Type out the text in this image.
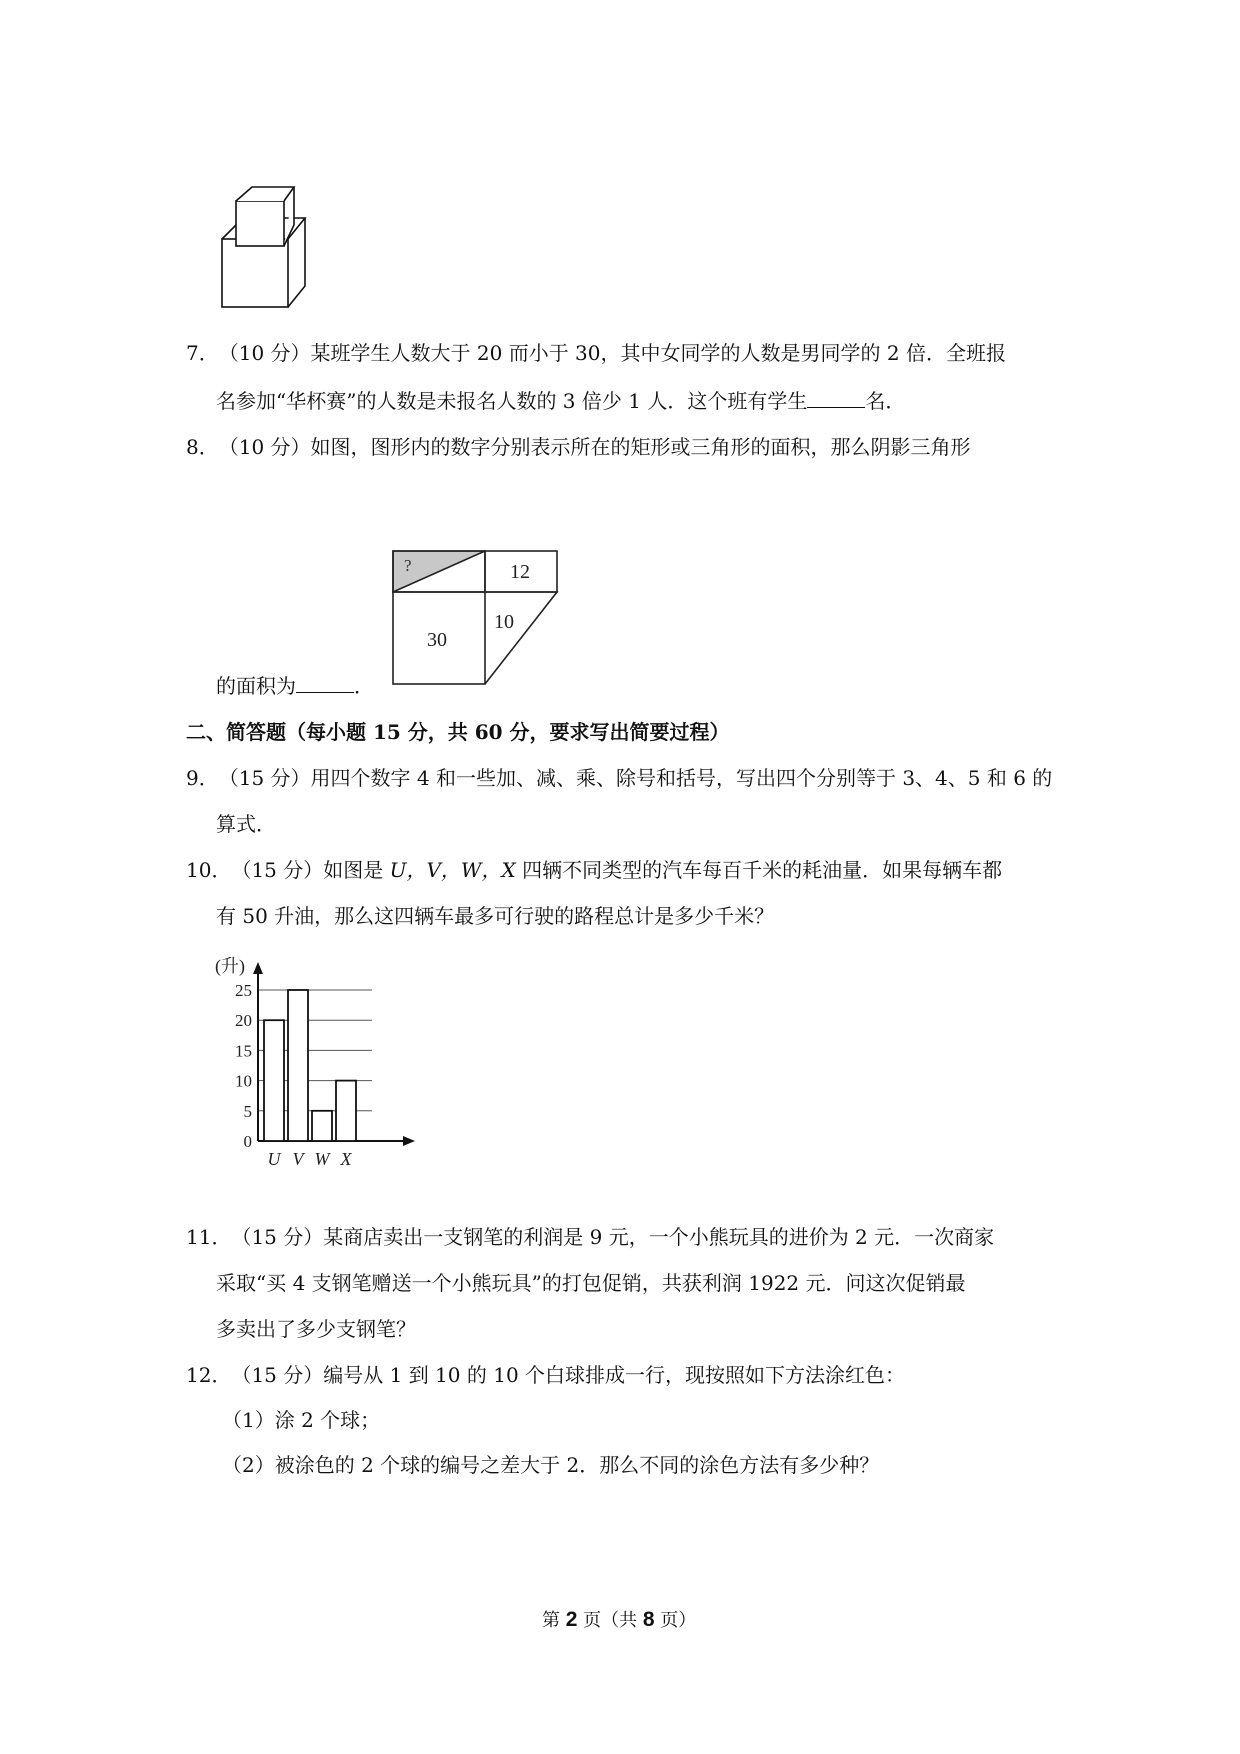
7．（10 分）某班学生人数大于 20 而小于 30，其中女同学的人数是男同学的 2 倍．全班报
名参加“华杯赛”的人数是未报名人数的 3 倍少 1 人．这个班有学生	名．
8．（10 分）如图，图形内的数字分别表示所在的矩形或三角形的面积，那么阴影三角形
?	12
10
30
的面积为	．
二、简答题（每小题 15 分，共 60 分，要求写出简要过程）
9．（15 分）用四个数字 4 和一些加、减、乘、除号和括号，写出四个分别等于 3、4、5 和 6 的
算式．
10．（15 分）如图是 U，V，W，X 四辆不同类型的汽车每百千米的耗油量．如果每辆车都
有 50 升油，那么这四辆车最多可行驶的路程总计是多少千米？
(升)
0
5
10
15
20
25
U V W X
11．（15 分）某商店卖出一支钢笔的利润是 9 元，一个小熊玩具的进价为 2 元．一次商家
采取“买 4 支钢笔赠送一个小熊玩具”的打包促销，共获利润 1922 元．问这次促销最
多卖出了多少支钢笔？
12．（15 分）编号从 1 到 10 的 10 个白球排成一行，现按照如下方法涂红色：
（1）涂 2 个球；
（2）被涂色的 2 个球的编号之差大于 2．那么不同的涂色方法有多少种？
第 2 页（共 8 页）
